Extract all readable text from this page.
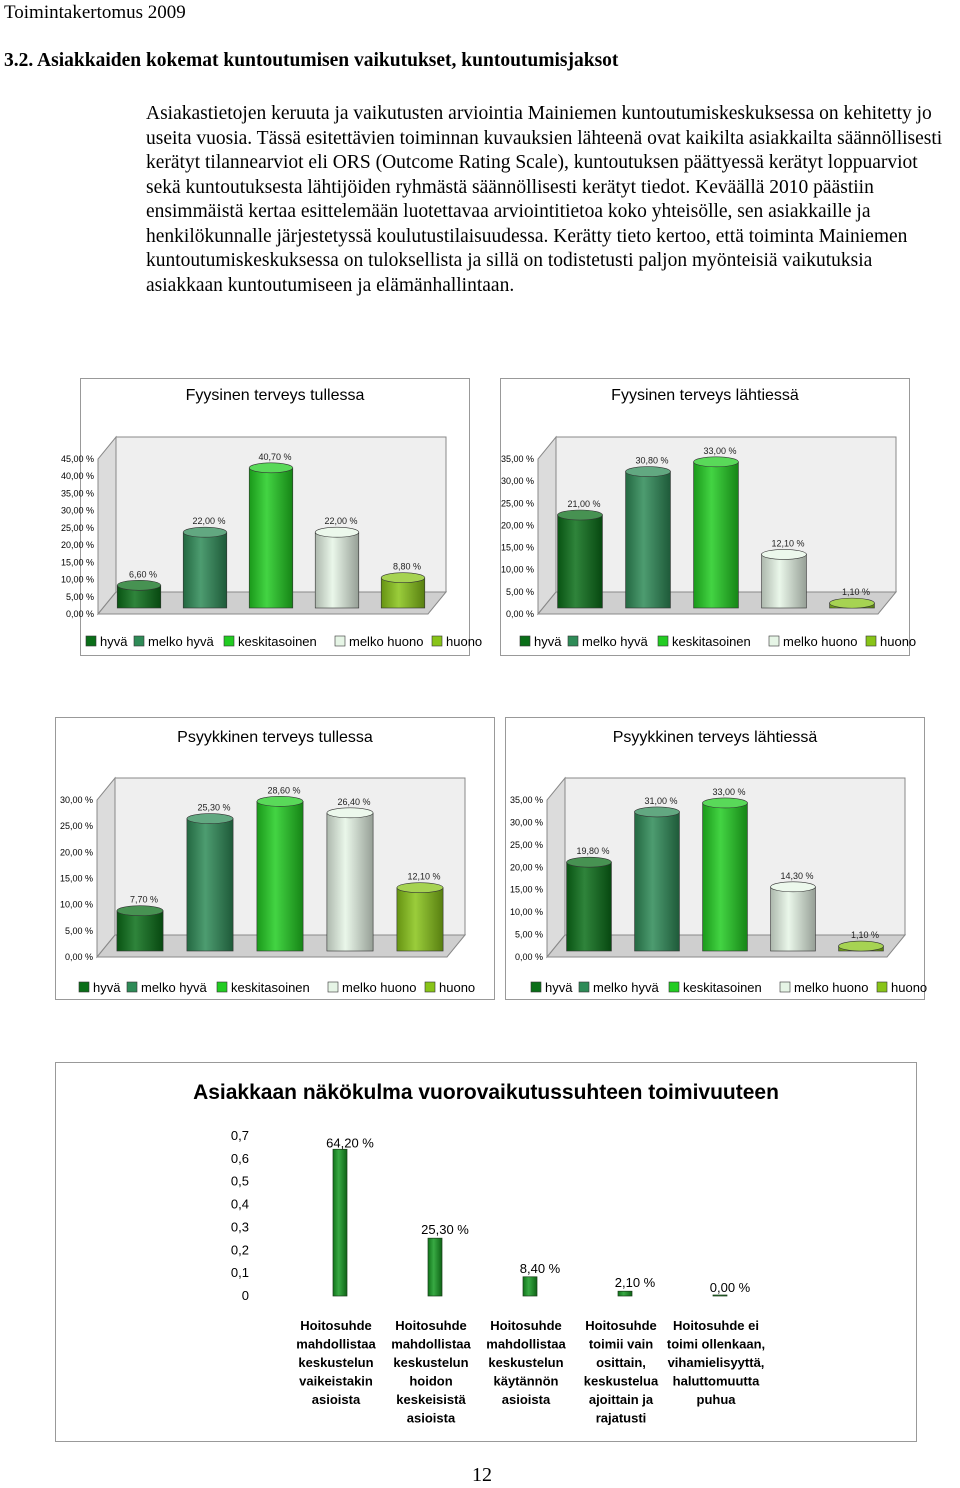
Toimintakertomus 2009
3.2. Asiakkaiden kokemat kuntoutumisen vaikutukset, kuntoutumisjaksot

Asiakastietojen keruuta ja vaikutusten arviointia Mainiemen kuntoutumiskeskuksessa on kehitetty jo useita vuosia. Tässä esitettävien toiminnan kuvauksien lähteenä ovat kaikilta asiakkailta säännöllisesti kerätyt tilannearviot eli ORS (Outcome Rating Scale), kuntoutuksen päättyessä kerätyt loppuarviot sekä kuntoutuksesta lähtijöiden ryhmästä säännöllisesti kerätyt tiedot. Keväällä 2010 päästiin ensimmäistä kertaa esittelemään luotettavaa arviointitietoa koko yhteisölle, sen asiakkaille ja henkilökunnalle järjestetyssä koulutustilaisuudessa. Kerätty tieto kertoo, että toiminta Mainiemen kuntoutumiskeskuksessa on tuloksellista ja sillä on todistetusti paljon myönteisiä vaikutuksia asiakkaan kuntoutumiseen ja elämänhallintaan.

Fyysinen terveys tullessa
0,00 %
5,00 %
10,00 %
15,00 %
20,00 %
25,00 %
30,00 %
35,00 %
40,00 %
45,00 %
6,60 %
22,00 %
40,70 %
22,00 %
8,80 %
hyvä melko hyvä keskitasoinen melko huono huono
Fyysinen terveys lähtiessä
0,00 %
5,00 %
10,00 %
15,00 %
20,00 %
25,00 %
30,00 %
35,00 %
21,00 %
30,80 %
33,00 %
12,10 %
1,10 %
hyvä melko hyvä keskitasoinen melko huono huono
Psyykkinen terveys tullessa
0,00 %
5,00 %
10,00 %
15,00 %
20,00 %
25,00 %
30,00 %
7,70 %
25,30 %
28,60 %
26,40 %
12,10 %
hyvä melko hyvä keskitasoinen melko huono huono
Psyykkinen terveys lähtiessä
0,00 %
5,00 %
10,00 %
15,00 %
20,00 %
25,00 %
30,00 %
35,00 %
19,80 %
31,00 %
33,00 %
14,30 %
1,10 %
hyvä melko hyvä keskitasoinen melko huono huono
Asiakkaan näkökulma vuorovaikutussuhteen toimivuuteen
0
0,1
0,2
0,3
0,4
0,5
0,6
0,7	64,20 %
Hoitosuhde
mahdollistaa
keskustelun
vaikeistakin
asioista
25,30 %
Hoitosuhde
mahdollistaa
keskustelun
hoidon
keskeisistä
asioista
8,40 %
Hoitosuhde
mahdollistaa
keskustelun
käytännön
asioista
2,10 %
Hoitosuhde
toimii vain
osittain,
keskustelua
ajoittain ja
rajatusti
0,00 %
Hoitosuhde ei
toimi ollenkaan,
vihamielisyyttä,
haluttomuutta
puhua
12
